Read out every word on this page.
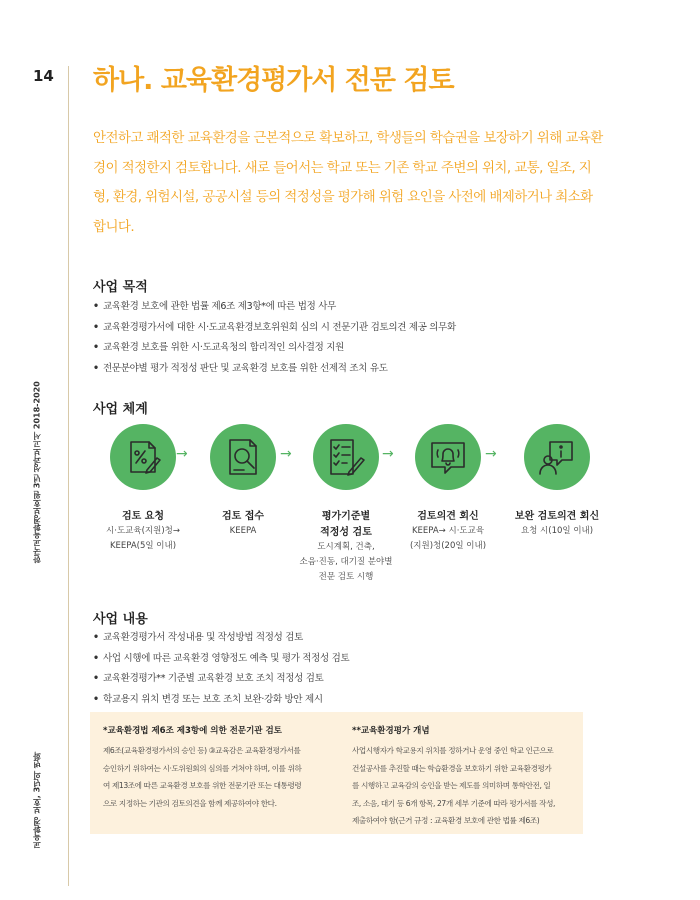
14
한국교육환경보호원 3년 성과보고서 2018-2020
교육환경 보호, 3년의 변화
하나. 교육환경평가서 전문 검토

안전하고 쾌적한 교육환경을 근본적으로 확보하고, 학생들의 학습권을 보장하기 위해 교육환경이 적정한지 검토합니다. 새로 들어서는 학교 또는 기존 학교 주변의 위치, 교통, 일조, 지형, 환경, 위험시설, 공공시설 등의 적정성을 평가해 위험 요인을 사전에 배제하거나 최소화합니다.

사업 목적
• 교육환경 보호에 관한 법률 제6조 제3항*에 따른 법정 사무
• 교육환경평가서에 대한 시·도교육환경보호위원회 심의 시 전문기관 검토의견 제공 의무화
• 교육환경 보호를 위한 시·도교육청의 합리적인 의사결정 지원
• 전문분야별 평가 적정성 판단 및 교육환경 보호를 위한 선제적 조치 유도
사업 체계
검토 요청
시·도교육(지원)청→
KEEPA(5일 이내)
→
검토 접수
KEEPA
→
평가기준별
적정성 검토
도시계획, 건축,
소음·진동, 대기질 분야별
전문 검토 시행
→
검토의견 회신
KEEPA→ 시·도교육
(지원)청(20일 이내)
→
보완 검토의견 회신
요청 시(10일 이내)
사업 내용
• 교육환경평가서 작성내용 및 작성방법 적정성 검토
• 사업 시행에 따른 교육환경 영향정도 예측 및 평가 적정성 검토
• 교육환경평가** 기준별 교육환경 보호 조치 적정성 검토
• 학교용지 위치 변경 또는 보호 조치 보완·강화 방안 제시
*교육환경법 제6조 제3항에 의한 전문기관 검토
제6조(교육환경평가서의 승인 등) ③교육감은 교육환경평가서를
승인하기 위하여는 시·도위원회의 심의를 거쳐야 하며, 이를 위하
여 제13조에 따른 교육환경 보호를 위한 전문기관 또는 대통령령
으로 지정하는 기관의 검토의견을 함께 제공하여야 한다.
**교육환경평가 개념
사업시행자가 학교용지 위치를 정하거나 운영 중인 학교 인근으로
건설공사를 추진할 때는 학습환경을 보호하기 위한 교육환경평가
를 시행하고 교육감의 승인을 받는 제도를 의미하며 통학안전, 일
조, 소음, 대기 등 6개 항목, 27개 세부 기준에 따라 평가서를 작성,
제출하여야 함(근거 규정 : 교육환경 보호에 관한 법률 제6조)
